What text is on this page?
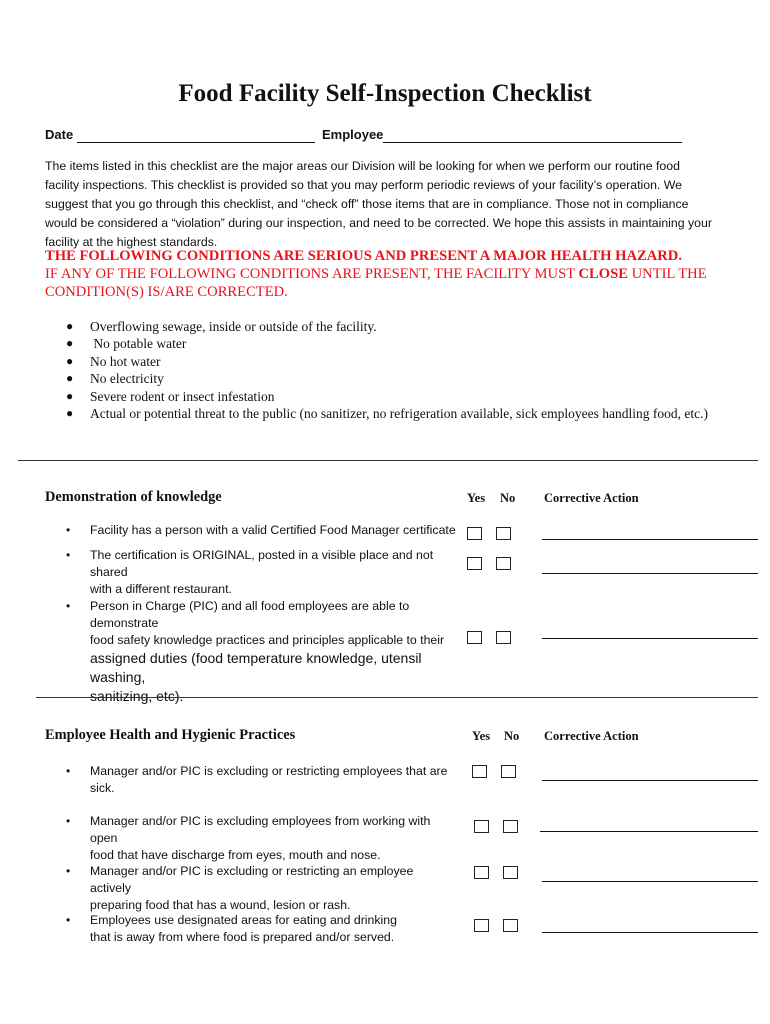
Food Facility Self-Inspection Checklist
Date	Employee
The items listed in this checklist are the major areas our Division will be looking for when we perform our routine food facility inspections. This checklist is provided so that you may perform periodic reviews of your facility’s operation. We suggest that you go through this checklist, and “check off” those items that are in compliance. Those not in compliance would be considered a “violation” during our inspection, and need to be corrected. We hope this assists in maintaining your facility at the highest standards.
THE FOLLOWING CONDITIONS ARE SERIOUS AND PRESENT A MAJOR HEALTH HAZARD.
IF ANY OF THE FOLLOWING CONDITIONS ARE PRESENT, THE FACILITY MUST CLOSE UNTIL THE CONDITION(S) IS/ARE CORRECTED.
● Overflowing sewage, inside or outside of the facility.
● No potable water
● No hot water
● No electricity
● Severe rodent or insect infestation
● Actual or potential threat to the public (no sanitizer, no refrigeration available, sick employees handling food, etc.)
Demonstration of knowledge	Yes No Corrective Action
• Facility has a person with a valid Certified Food Manager certificate
• The certification is ORIGINAL, posted in a visible place and not shared
with a different restaurant.
• Person in Charge (PIC) and all food employees are able to demonstrate
food safety knowledge practices and principles applicable to their
assigned duties (food temperature knowledge, utensil washing,
sanitizing, etc).
Employee Health and Hygienic Practices	Yes No Corrective Action
• Manager and/or PIC is excluding or restricting employees that are
sick.
• Manager and/or PIC is excluding employees from working with open
food that have discharge from eyes, mouth and nose.
• Manager and/or PIC is excluding or restricting an employee actively
preparing food that has a wound, lesion or rash.
• Employees use designated areas for eating and drinking
that is away from where food is prepared and/or served.
